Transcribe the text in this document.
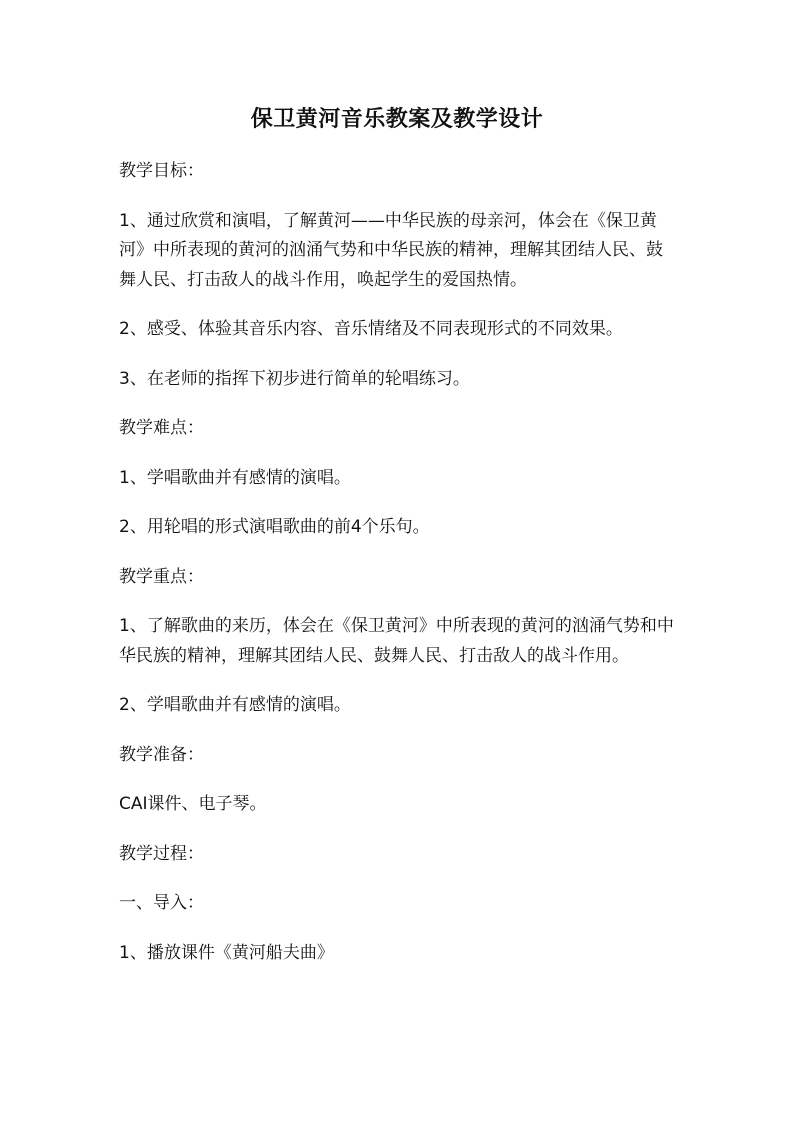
保卫黄河音乐教案及教学设计

教学目标：

1、通过欣赏和演唱，了解黄河——中华民族的母亲河，体会在《保卫黄河》中所表现的黄河的汹涌气势和中华民族的精神，理解其团结人民、鼓舞人民、打击敌人的战斗作用，唤起学生的爱国热情。

2、感受、体验其音乐内容、音乐情绪及不同表现形式的不同效果。

3、在老师的指挥下初步进行简单的轮唱练习。

教学难点：

1、学唱歌曲并有感情的演唱。

2、用轮唱的形式演唱歌曲的前4个乐句。

教学重点：

1、了解歌曲的来历，体会在《保卫黄河》中所表现的黄河的汹涌气势和中华民族的精神，理解其团结人民、鼓舞人民、打击敌人的战斗作用。

2、学唱歌曲并有感情的演唱。

教学准备：

CAI课件、电子琴。

教学过程：

一、导入：

1、播放课件《黄河船夫曲》
